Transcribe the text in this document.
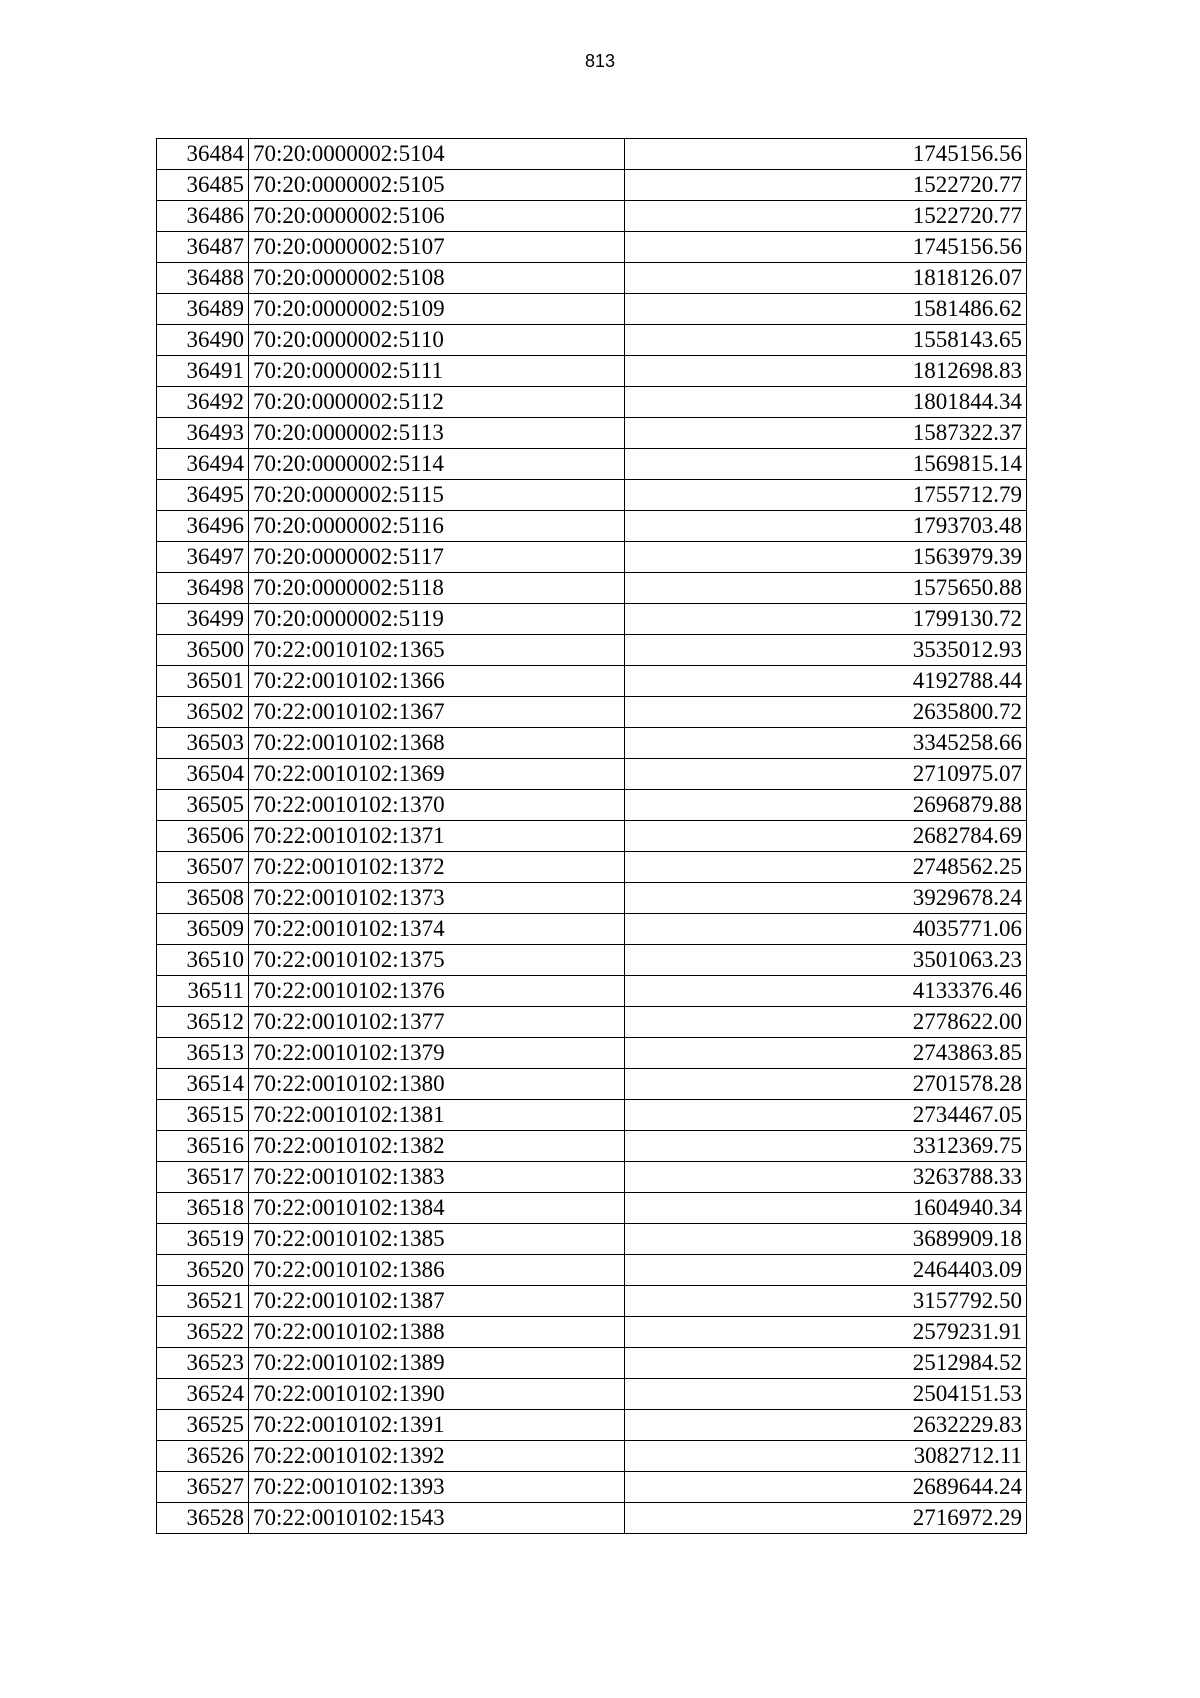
813
36484	70:20:0000002:5104	1745156.56
36485	70:20:0000002:5105	1522720.77
36486	70:20:0000002:5106	1522720.77
36487	70:20:0000002:5107	1745156.56
36488	70:20:0000002:5108	1818126.07
36489	70:20:0000002:5109	1581486.62
36490	70:20:0000002:5110	1558143.65
36491	70:20:0000002:5111	1812698.83
36492	70:20:0000002:5112	1801844.34
36493	70:20:0000002:5113	1587322.37
36494	70:20:0000002:5114	1569815.14
36495	70:20:0000002:5115	1755712.79
36496	70:20:0000002:5116	1793703.48
36497	70:20:0000002:5117	1563979.39
36498	70:20:0000002:5118	1575650.88
36499	70:20:0000002:5119	1799130.72
36500	70:22:0010102:1365	3535012.93
36501	70:22:0010102:1366	4192788.44
36502	70:22:0010102:1367	2635800.72
36503	70:22:0010102:1368	3345258.66
36504	70:22:0010102:1369	2710975.07
36505	70:22:0010102:1370	2696879.88
36506	70:22:0010102:1371	2682784.69
36507	70:22:0010102:1372	2748562.25
36508	70:22:0010102:1373	3929678.24
36509	70:22:0010102:1374	4035771.06
36510	70:22:0010102:1375	3501063.23
36511	70:22:0010102:1376	4133376.46
36512	70:22:0010102:1377	2778622.00
36513	70:22:0010102:1379	2743863.85
36514	70:22:0010102:1380	2701578.28
36515	70:22:0010102:1381	2734467.05
36516	70:22:0010102:1382	3312369.75
36517	70:22:0010102:1383	3263788.33
36518	70:22:0010102:1384	1604940.34
36519	70:22:0010102:1385	3689909.18
36520	70:22:0010102:1386	2464403.09
36521	70:22:0010102:1387	3157792.50
36522	70:22:0010102:1388	2579231.91
36523	70:22:0010102:1389	2512984.52
36524	70:22:0010102:1390	2504151.53
36525	70:22:0010102:1391	2632229.83
36526	70:22:0010102:1392	3082712.11
36527	70:22:0010102:1393	2689644.24
36528	70:22:0010102:1543	2716972.29
